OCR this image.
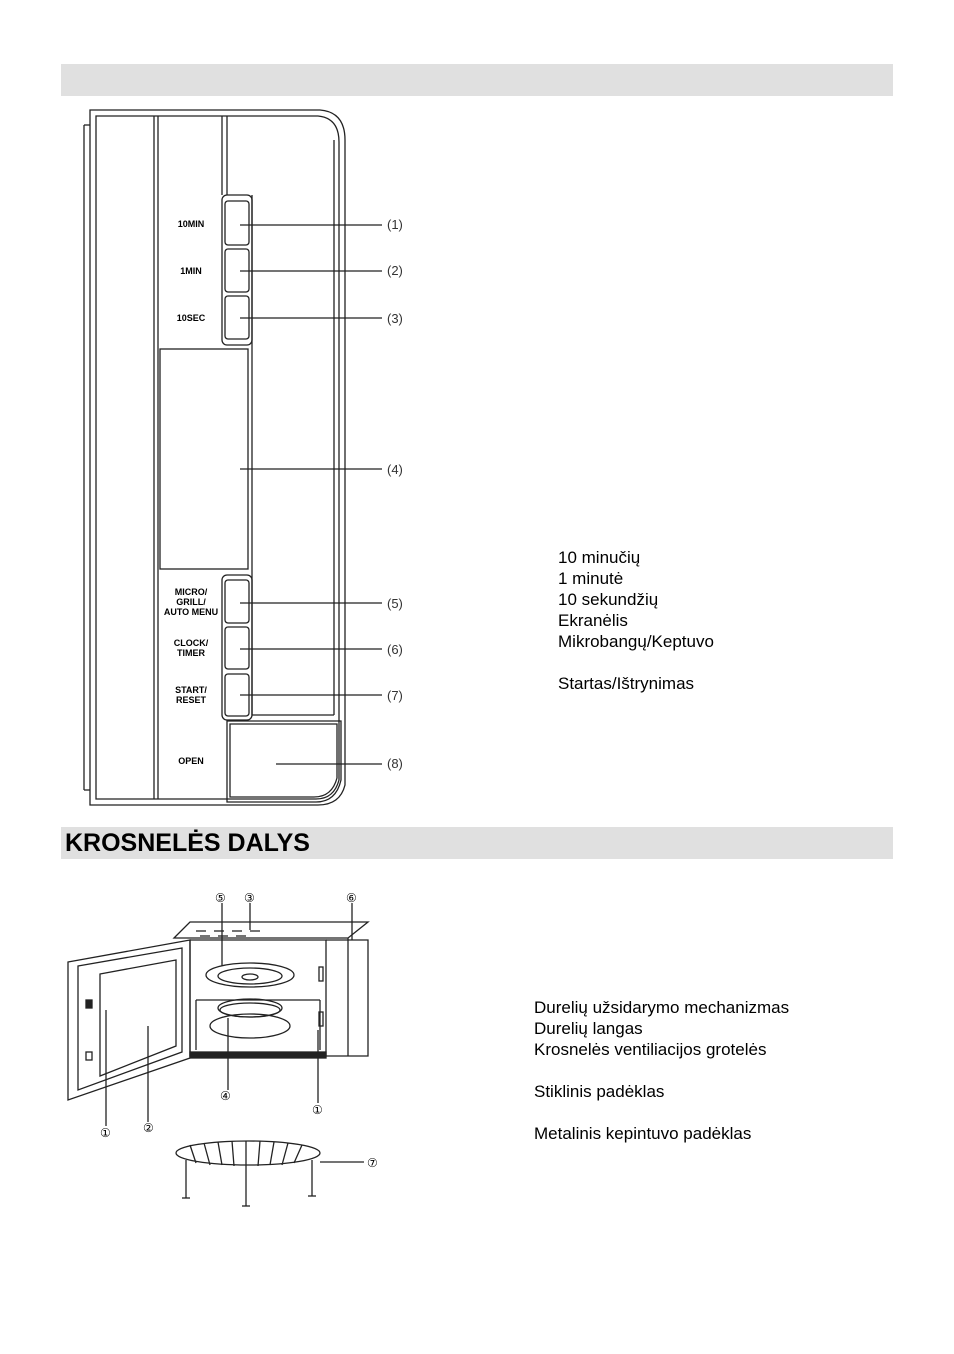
KROSNELĖS DALYS
10MIN
1MIN
10SEC
MICRO/
GRILL/
AUTO MENU
CLOCK/
TIMER
START/
RESET
OPEN
(1)
(2)
(3)
(4)
(5)
(6)
(7)
(8)
⑤ ③	⑥
④
①
①	②
⑦
10 minučių
1 minutė
10 sekundžių
Ekranėlis
Mikrobangų/Keptuvo
Startas/Ištrynimas
Durelių užsidarymo mechanizmas
Durelių langas
Krosnelės ventiliacijos grotelės
Stiklinis padėklas
Metalinis kepintuvo padėklas
